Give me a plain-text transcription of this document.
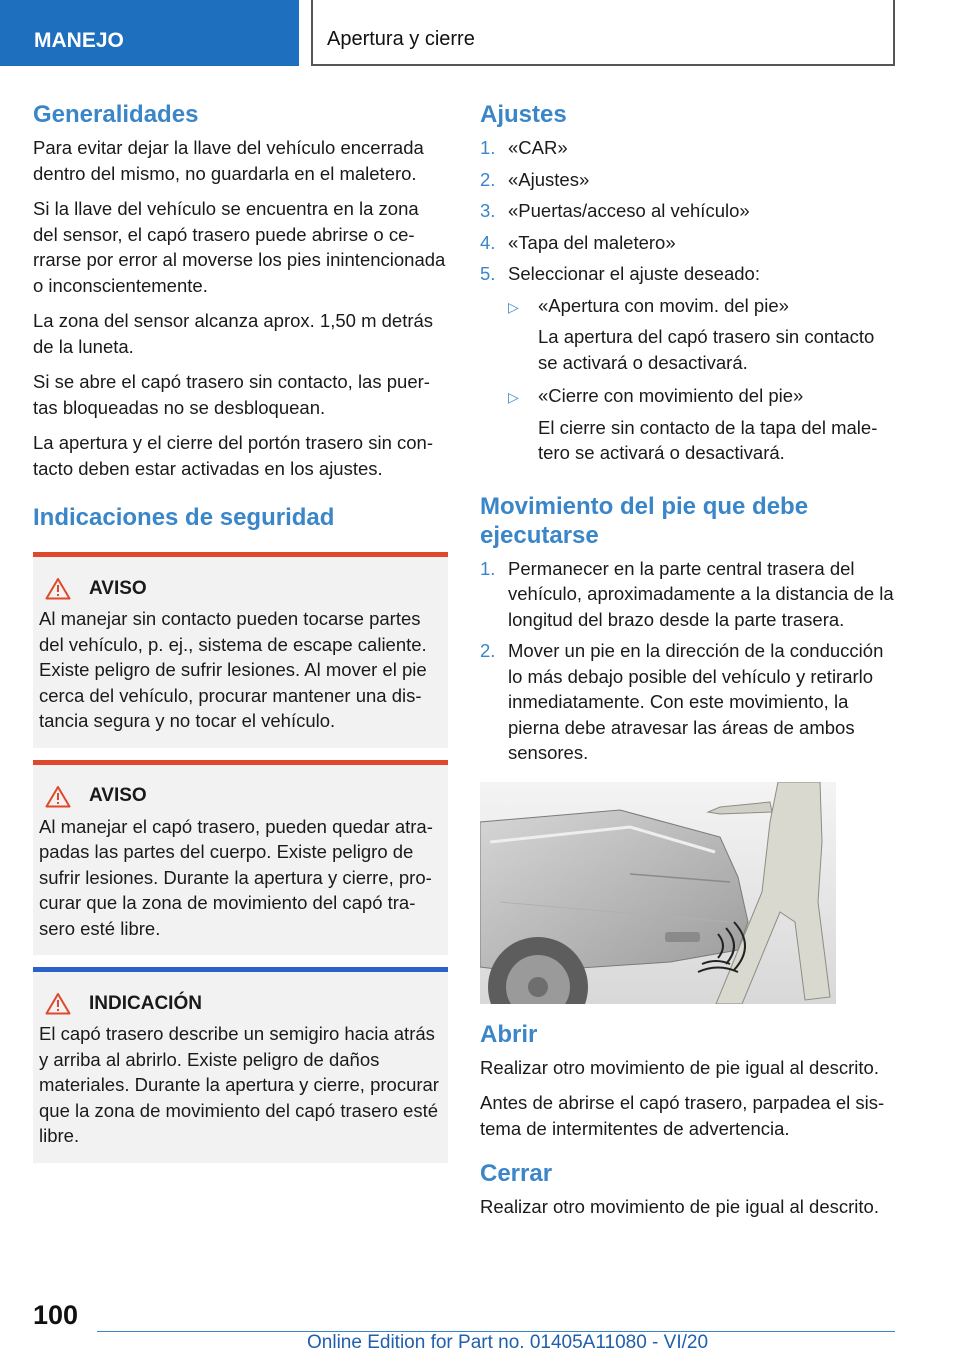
MANEJO	Apertura y cierre
Generalidades

Para evitar dejar la llave del vehículo encerrada dentro del mismo, no guardarla en el maletero.

Si la llave del vehículo se encuentra en la zona del sensor, el capó trasero puede abrirse o cerrarse por error al moverse los pies inintencionada o inconscientemente.

La zona del sensor alcanza aprox. 1,50 m detrás de la luneta.

Si se abre el capó trasero sin contacto, las puertas bloqueadas no se desbloquean.

La apertura y el cierre del portón trasero sin contacto deben estar activadas en los ajustes.

Indicaciones de seguridad
AVISO

Al manejar sin contacto pueden tocarse partes del vehículo, p. ej., sistema de escape caliente. Existe peligro de sufrir lesiones. Al mover el pie cerca del vehículo, procurar mantener una distancia segura y no tocar el vehículo.

AVISO

Al manejar el capó trasero, pueden quedar atrapadas las partes del cuerpo. Existe peligro de sufrir lesiones. Durante la apertura y cierre, procurar que la zona de movimiento del capó trasero esté libre.

INDICACIÓN

El capó trasero describe un semigiro hacia atrás y arriba al abrirlo. Existe peligro de daños materiales. Durante la apertura y cierre, procurar que la zona de movimiento del capó trasero esté libre.

Ajustes
1. «CAR»
2. «Ajustes»
3. «Puertas/acceso al vehículo»
4. «Tapa del maletero»
5. Seleccionar el ajuste deseado:
▷	«Apertura con movim. del pie»
La apertura del capó trasero sin contacto se activará o desactivará.
▷	«Cierre con movimiento del pie»
El cierre sin contacto de la tapa del maletero se activará o desactivará.
Movimiento del pie que debe ejecutarse
1. Permanecer en la parte central trasera del vehículo, aproximadamente a la distancia de la longitud del brazo desde la parte trasera.
2. Mover un pie en la dirección de la conducción lo más debajo posible del vehículo y retirarlo inmediatamente. Con este movimiento, la pierna debe atravesar las áreas de ambos sensores.
Abrir

Realizar otro movimiento de pie igual al descrito.

Antes de abrirse el capó trasero, parpadea el sistema de intermitentes de advertencia.

Cerrar

Realizar otro movimiento de pie igual al descrito.

100
Online Edition for Part no. 01405A11080 - VI/20
